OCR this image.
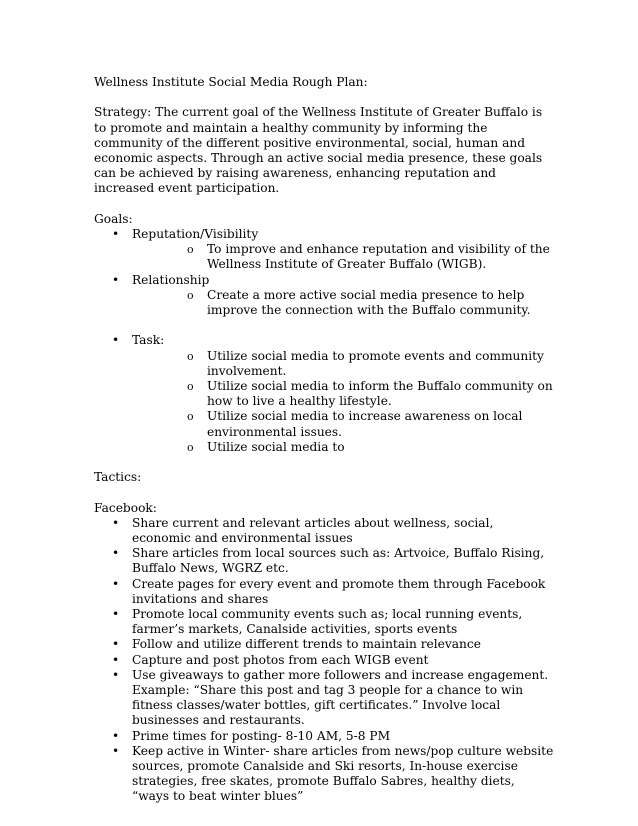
Wellness Institute Social Media Rough Plan:

Strategy: The current goal of the Wellness Institute of Greater Buffalo is to promote and maintain a healthy community by informing the community of the different positive environmental, social, human and economic aspects. Through an active social media presence, these goals can be achieved by raising awareness, enhancing reputation and increased event participation.

Goals:

• Reputation/Visibility
o To improve and enhance reputation and visibility of the Wellness Institute of Greater Buffalo (WIGB).
• Relationship
o Create a more active social media presence to help improve the connection with the Buffalo community.
• Task:
o Utilize social media to promote events and community involvement.
o Utilize social media to inform the Buffalo community on how to live a healthy lifestyle.
o Utilize social media to increase awareness on local environmental issues.
o Utilize social media to

Tactics:

Facebook:

• Share current and relevant articles about wellness, social, economic and environmental issues
• Share articles from local sources such as: Artvoice, Buffalo Rising, Buffalo News, WGRZ etc.
• Create pages for every event and promote them through Facebook invitations and shares
• Promote local community events such as; local running events, farmer’s markets, Canalside activities, sports events
• Follow and utilize different trends to maintain relevance
• Capture and post photos from each WIGB event
• Use giveaways to gather more followers and increase engagement. Example: “Share this post and tag 3 people for a chance to win fitness classes/water bottles, gift certificates.” Involve local businesses and restaurants.
• Prime times for posting- 8-10 AM, 5-8 PM
• Keep active in Winter- share articles from news/pop culture website sources, promote Canalside and Ski resorts, In-house exercise strategies, free skates, promote Buffalo Sabres, healthy diets, “ways to beat winter blues”
